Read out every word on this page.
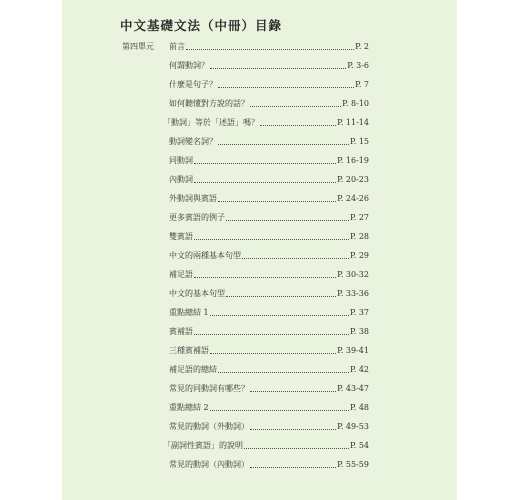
中文基礎文法（中冊）目錄
第四單元 前言	P. 2
何謂動詞？	P. 3-6
什麼是句子？	P. 7
如何聽懂對方說的話？	P. 8-10
「動詞」等於「述語」嗎？	P. 11-14
動詞變名詞？	P. 15
同動詞	P. 16-19
內動詞	P. 20-23
外動詞與賓語	P. 24-26
更多賓語的例子	P. 27
雙賓語	P. 28
中文的兩種基本句型	P. 29
補足語	P. 30-32
中文的基本句型	P. 33-36
重點總結 1	P. 37
賓補語	P. 38
三種賓補語	P. 39-41
補足語的總結	P. 42
常見的同動詞有哪些？	P. 43-47
重點總結 2	P. 48
常見的動詞（外動詞）	P. 49-53
「副詞性賓語」的說明	P. 54
常見的動詞（內動詞）	P. 55-59
